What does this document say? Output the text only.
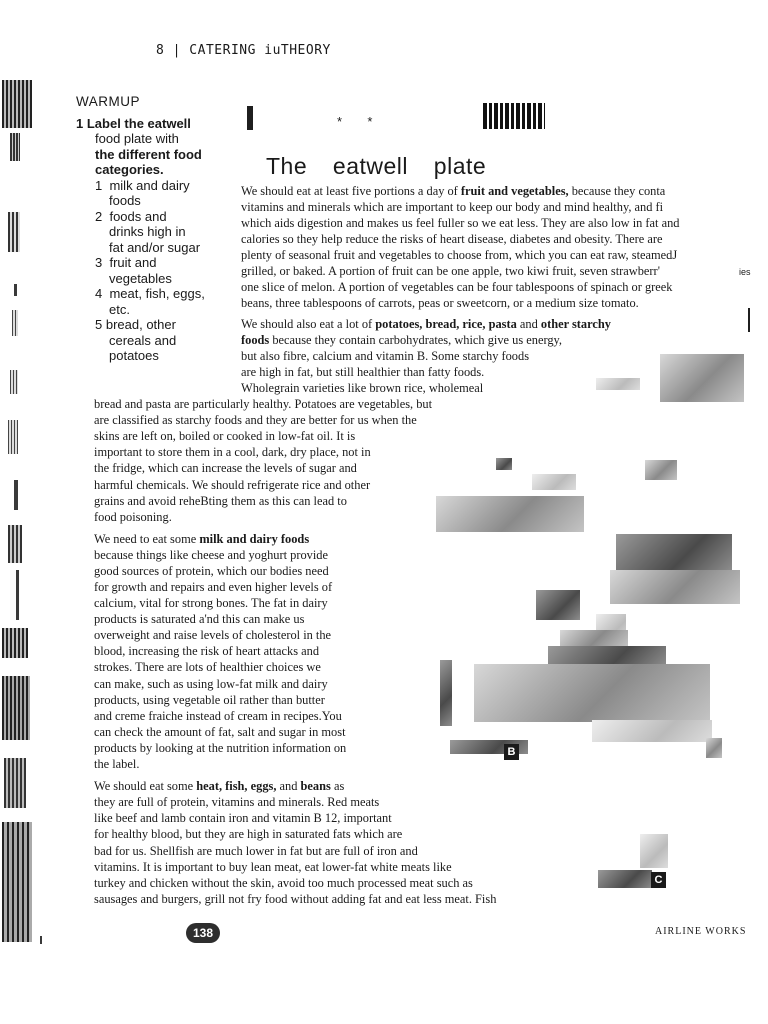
8 | CATERING iuTHEORY
WARMUP
1 Label the eatwell
food plate with
the different food
categories.
1 milk and dairy
foods
2 foods and
drinks high in
fat and/or sugar
3 fruit and
vegetables
4 meat, fish, eggs,
etc.
5 bread, other
cereals and
potatoes
*       *
The  eatwell  plate
We should eat at least five portions a day of fruit and vegetables, because they conta
vitamins and minerals which are important to keep our body and mind healthy, and fi
which aids digestion and makes us feel fuller so we eat less. They are also low in fat and
calories so they help reduce the risks of heart disease, diabetes and obesity. There are
plenty of seasonal fruit and vegetables to choose from, which you can eat raw, steamedJ
grilled, or baked. A portion of fruit can be one apple, two kiwi fruit, seven strawberr'
one slice of melon. A portion of vegetables can be four tablespoons of spinach or greek
beans, three tablespoons of carrots, peas or sweetcorn, or a medium size tomato.
ies
We should also eat a lot of potatoes, bread, rice, pasta and other starchy
foods because they contain carbohydrates, which give us energy,
but also fibre, calcium and vitamin B. Some starchy foods
are high in fat, but still healthier than fatty foods.
Wholegrain varieties like brown rice, wholemeal
bread and pasta are particularly healthy. Potatoes are vegetables, but
are classified as starchy foods and they are better for us when the
skins are left on, boiled or cooked in low-fat oil. It is
important to store them in a cool, dark, dry place, not in
the fridge, which can increase the levels of sugar and
harmful chemicals. We should refrigerate rice and other
grains and avoid reheBting them as this can lead to
food poisoning.
We need to eat some milk and dairy foods
because things like cheese and yoghurt provide
good sources of protein, which our bodies need
for growth and repairs and even higher levels of
calcium, vital for strong bones. The fat in dairy
products is saturated a'nd this can make us
overweight and raise levels of cholesterol in the
blood, increasing the risk of heart attacks and
strokes. There are lots of healthier choices we
can make, such as using low-fat milk and dairy
products, using vegetable oil rather than butter
and creme fraiche instead of cream in recipes.You
can check the amount of fat, salt and sugar in most
products by looking at the nutrition information on
the label.
We should eat some heat, fish, eggs, and beans as
they are full of protein, vitamins and minerals. Red meats
like beef and lamb contain iron and vitamin B 12, important
for healthy blood, but they are high in saturated fats which are
bad for us. Shellfish are much lower in fat but are full of iron and
vitamins. It is important to buy lean meat, eat lower-fat white meats like
turkey and chicken without the skin, avoid too much processed meat such as
sausages and burgers, grill not fry food without adding fat and eat less meat. Fish
B
C
138	AIRLINE WORKS
